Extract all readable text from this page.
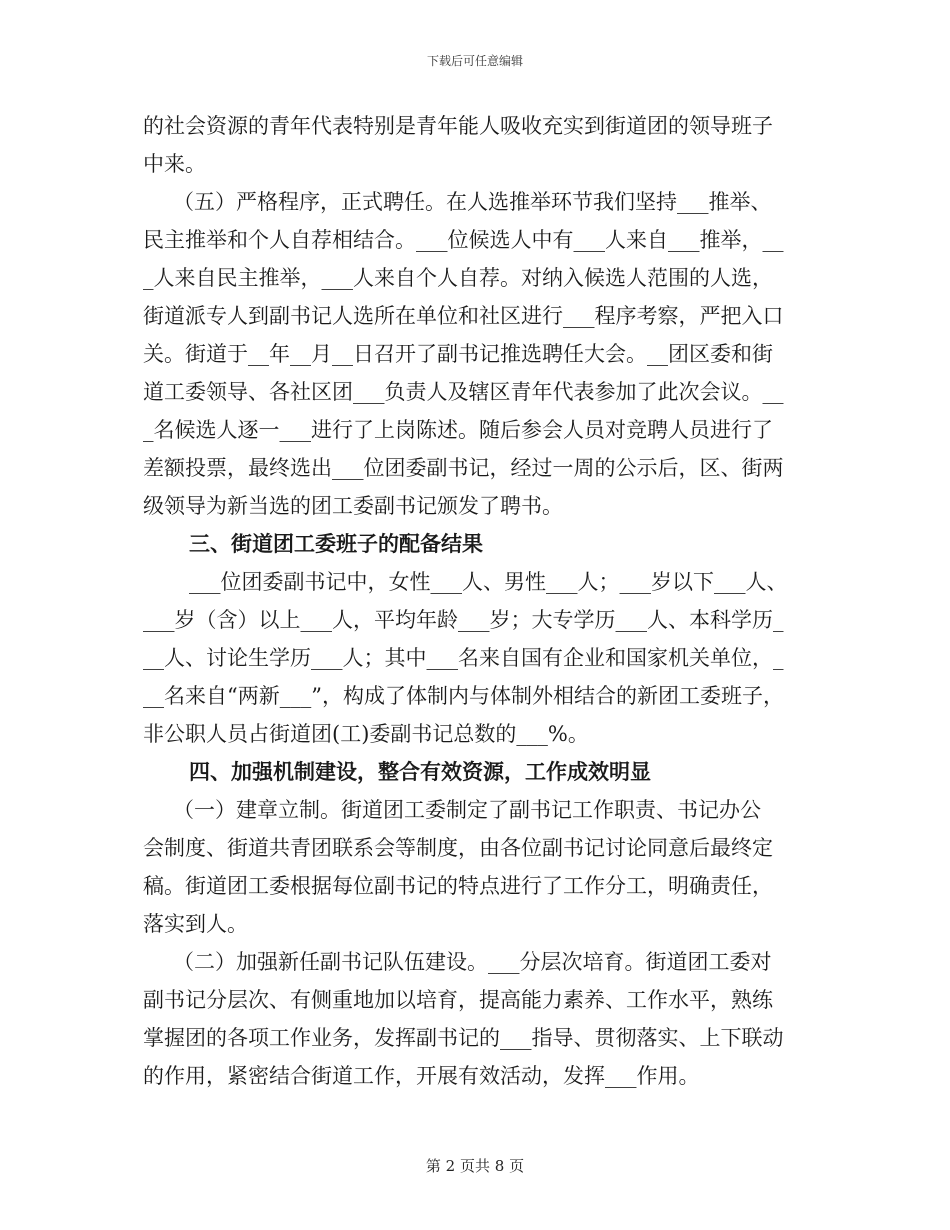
下载后可任意编辑
的社会资源的青年代表特别是青年能人吸收充实到街道团的领导班子
中来。
（五）严格程序，正式聘任。在人选推举环节我们坚持___推举、
民主推举和个人自荐相结合。___位候选人中有___人来自___推举，__
_人来自民主推举，___人来自个人自荐。对纳入候选人范围的人选，
街道派专人到副书记人选所在单位和社区进行___程序考察，严把入口
关。街道于__年__月__日召开了副书记推选聘任大会。__团区委和街
道工委领导、各社区团___负责人及辖区青年代表参加了此次会议。__
_名候选人逐一___进行了上岗陈述。随后参会人员对竞聘人员进行了
差额投票，最终选出___位团委副书记，经过一周的公示后，区、街两
级领导为新当选的团工委副书记颁发了聘书。
三、街道团工委班子的配备结果
___位团委副书记中，女性___人、男性___人；___岁以下___人、
___岁（含）以上___人，平均年龄___岁；大专学历___人、本科学历_
__人、讨论生学历___人；其中___名来自国有企业和国家机关单位，_
__名来自“两新___”，构成了体制内与体制外相结合的新团工委班子，
非公职人员占街道团(工)委副书记总数的___%。
四、加强机制建设，整合有效资源，工作成效明显
（一）建章立制。街道团工委制定了副书记工作职责、书记办公
会制度、街道共青团联系会等制度，由各位副书记讨论同意后最终定
稿。街道团工委根据每位副书记的特点进行了工作分工，明确责任，
落实到人。
（二）加强新任副书记队伍建设。___分层次培育。街道团工委对
副书记分层次、有侧重地加以培育，提高能力素养、工作水平，熟练
掌握团的各项工作业务，发挥副书记的___指导、贯彻落实、上下联动
的作用，紧密结合街道工作，开展有效活动，发挥___作用。
第 2 页共 8 页
